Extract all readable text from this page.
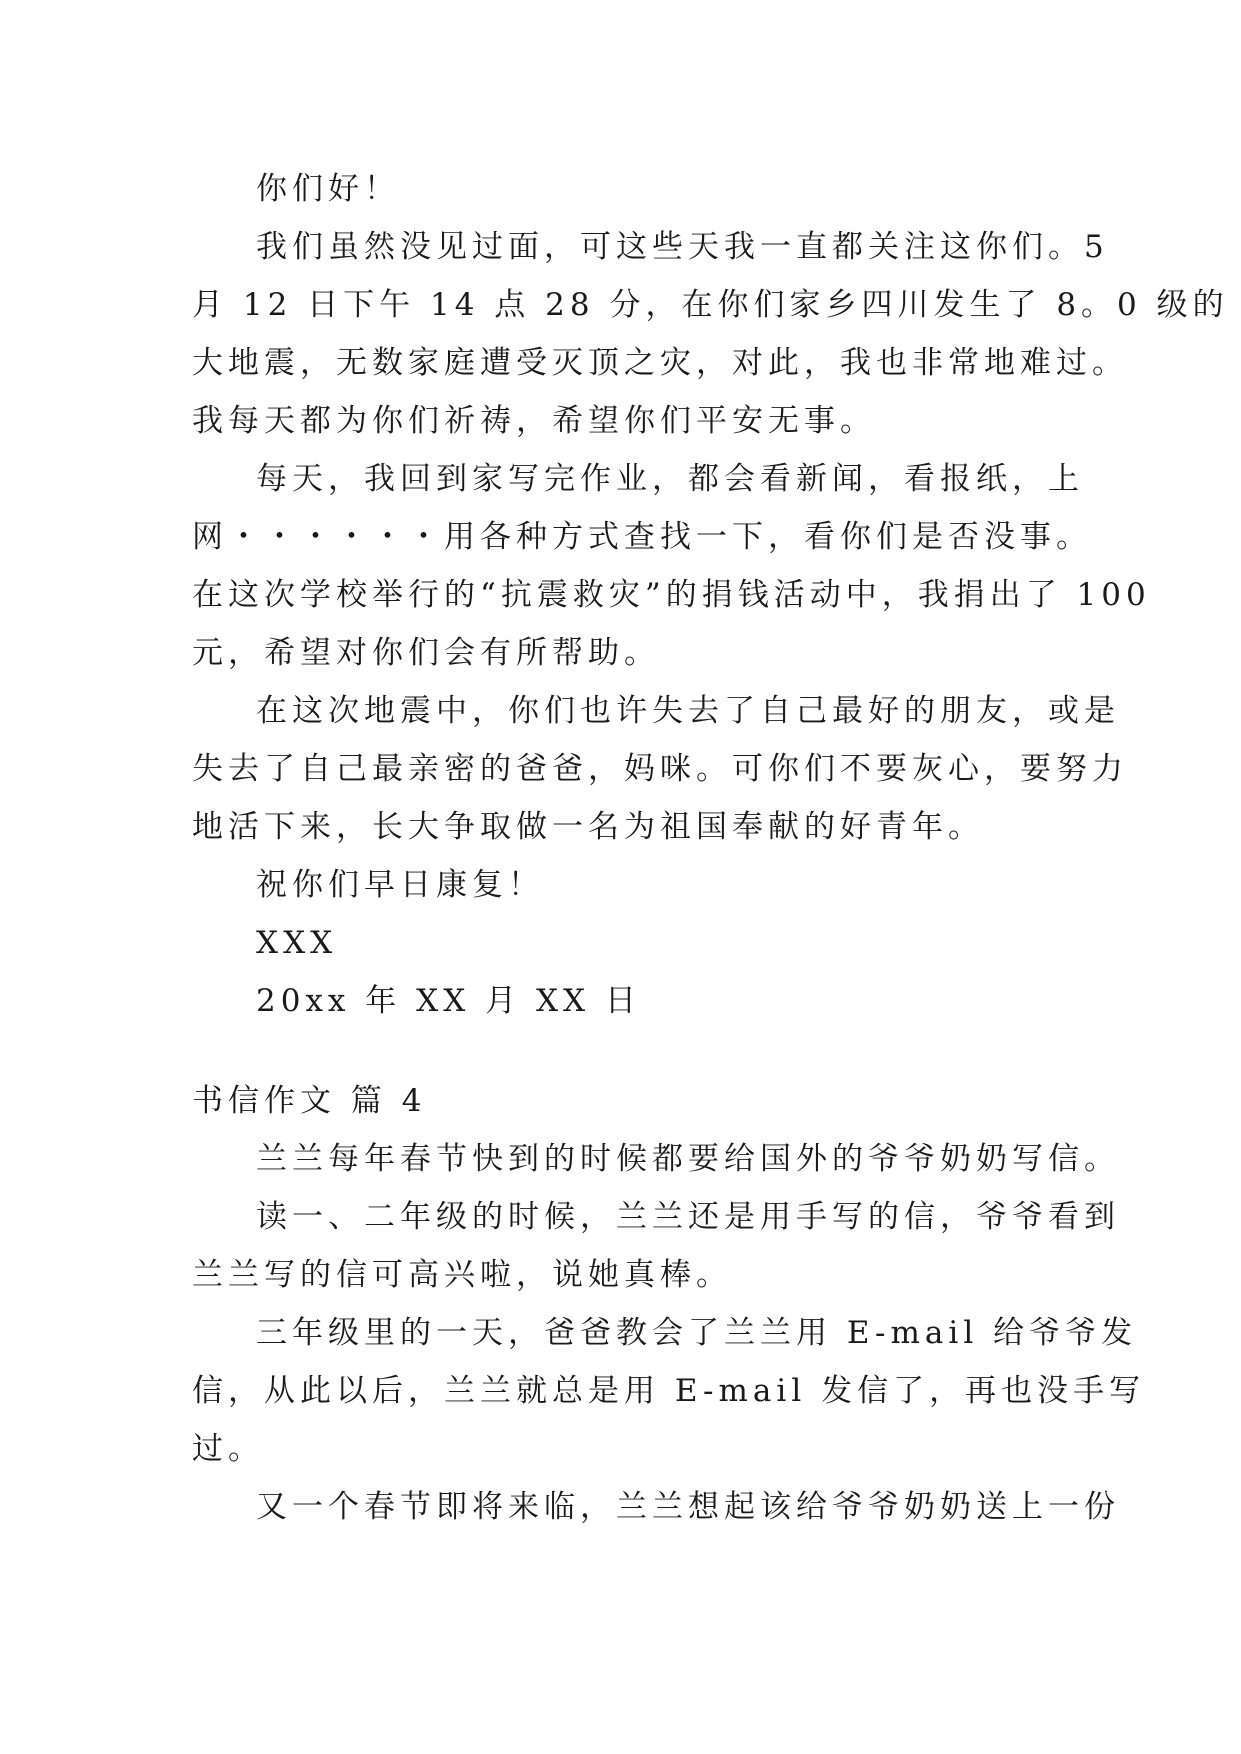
你们好！
我们虽然没见过面，可这些天我一直都关注这你们。5
月 12 日下午 14 点 28 分，在你们家乡四川发生了 8。0 级的
大地震，无数家庭遭受灭顶之灾，对此，我也非常地难过。
我每天都为你们祈祷，希望你们平安无事。
每天，我回到家写完作业，都会看新闻，看报纸，上
网・・・・・・用各种方式查找一下，看你们是否没事。
在这次学校举行的“抗震救灾”的捐钱活动中，我捐出了 100
元，希望对你们会有所帮助。
在这次地震中，你们也许失去了自己最好的朋友，或是
失去了自己最亲密的爸爸，妈咪。可你们不要灰心，要努力
地活下来，长大争取做一名为祖国奉献的好青年。
祝你们早日康复！
XXX
20xx 年 XX 月 XX 日
书信作文 篇 4
兰兰每年春节快到的时候都要给国外的爷爷奶奶写信。
读一、二年级的时候，兰兰还是用手写的信，爷爷看到
兰兰写的信可高兴啦，说她真棒。
三年级里的一天，爸爸教会了兰兰用 E-mail 给爷爷发
信，从此以后，兰兰就总是用 E-mail 发信了，再也没手写
过。
又一个春节即将来临，兰兰想起该给爷爷奶奶送上一份
